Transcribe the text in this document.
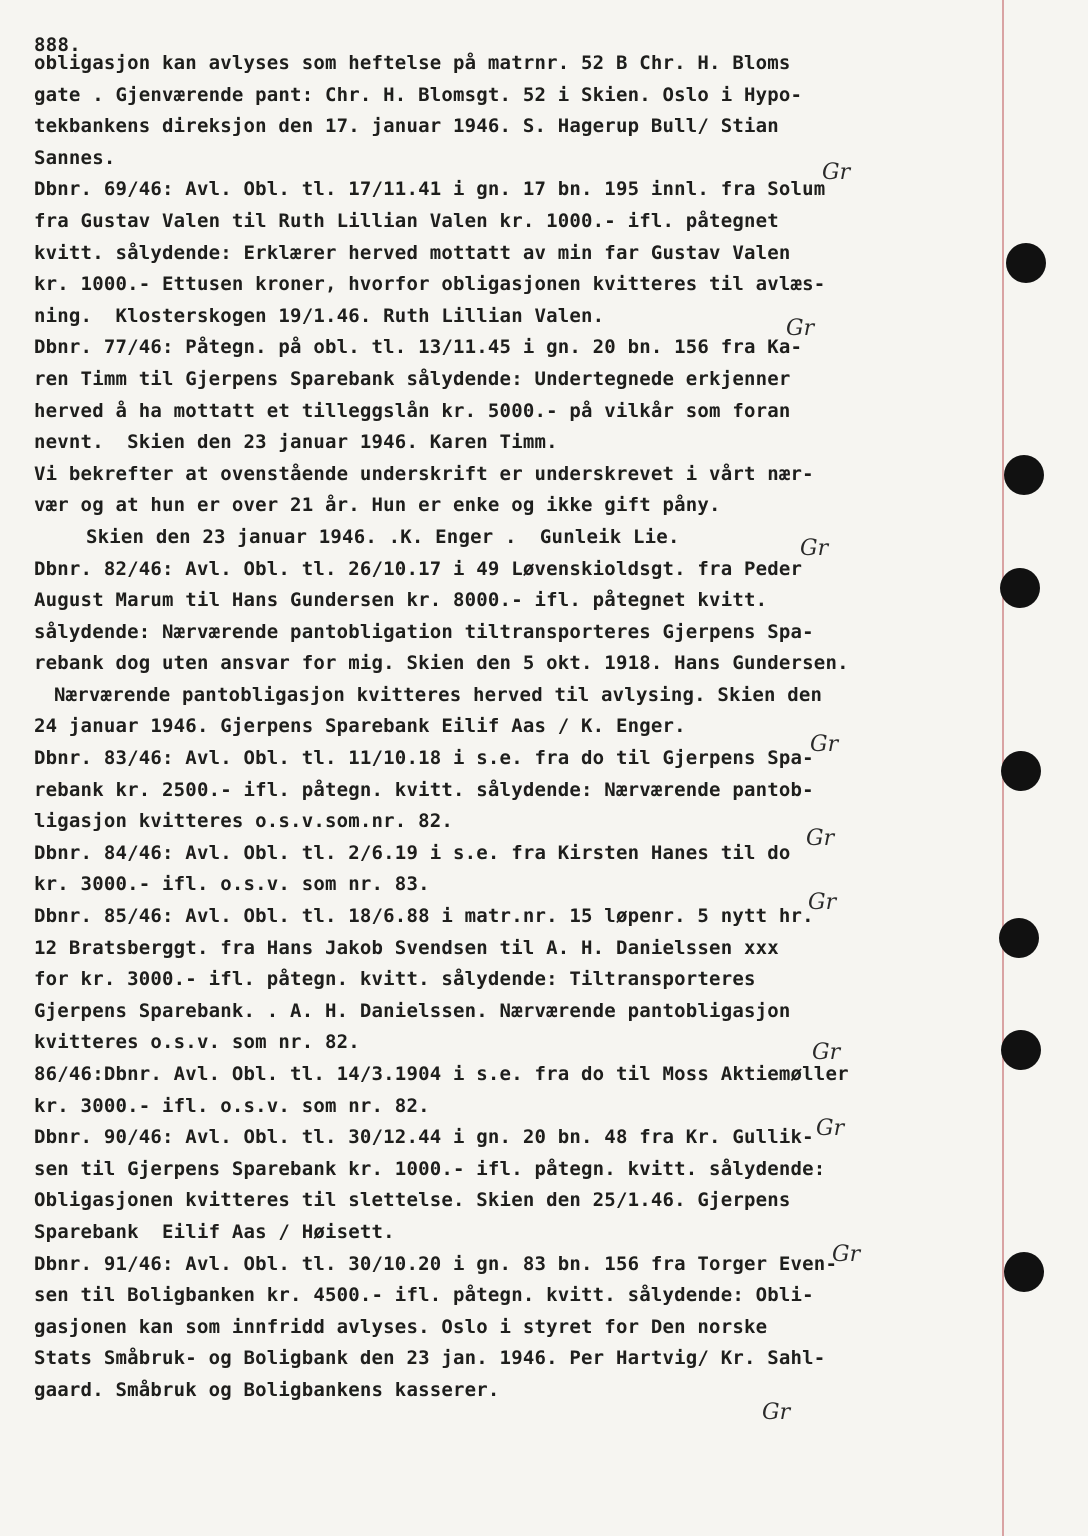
888.
obligasjon kan avlyses som heftelse på matrnr. 52 B Chr. H. Bloms
gate . Gjenværende pant: Chr. H. Blomsgt. 52 i Skien. Oslo i Hypo-
tekbankens direksjon den 17. januar 1946. S. Hagerup Bull/ Stian
Sannes.
Dbnr. 69/46: Avl. Obl. tl. 17/11.41 i gn. 17 bn. 195 innl. fra Solum
fra Gustav Valen til Ruth Lillian Valen kr. 1000.- ifl. påtegnet
kvitt. sålydende: Erklærer herved mottatt av min far Gustav Valen
kr. 1000.- Ettusen kroner, hvorfor obligasjonen kvitteres til avlæs-
ning.  Klosterskogen 19/1.46. Ruth Lillian Valen.
Dbnr. 77/46: Påtegn. på obl. tl. 13/11.45 i gn. 20 bn. 156 fra Ka-
ren Timm til Gjerpens Sparebank sålydende: Undertegnede erkjenner
herved å ha mottatt et tilleggslån kr. 5000.- på vilkår som foran
nevnt.  Skien den 23 januar 1946. Karen Timm.
Vi bekrefter at ovenstående underskrift er underskrevet i vårt nær-
vær og at hun er over 21 år. Hun er enke og ikke gift påny.
Skien den 23 januar 1946. .K. Enger .  Gunleik Lie.
Dbnr. 82/46: Avl. Obl. tl. 26/10.17 i 49 Løvenskioldsgt. fra Peder
August Marum til Hans Gundersen kr. 8000.- ifl. påtegnet kvitt.
sålydende: Nærværende pantobligation tiltransporteres Gjerpens Spa-
rebank dog uten ansvar for mig. Skien den 5 okt. 1918. Hans Gundersen.
Nærværende pantobligasjon kvitteres herved til avlysing. Skien den
24 januar 1946. Gjerpens Sparebank Eilif Aas / K. Enger.
Dbnr. 83/46: Avl. Obl. tl. 11/10.18 i s.e. fra do til Gjerpens Spa-
rebank kr. 2500.- ifl. påtegn. kvitt. sålydende: Nærværende pantob-
ligasjon kvitteres o.s.v.som.nr. 82.
Dbnr. 84/46: Avl. Obl. tl. 2/6.19 i s.e. fra Kirsten Hanes til do
kr. 3000.- ifl. o.s.v. som nr. 83.
Dbnr. 85/46: Avl. Obl. tl. 18/6.88 i matr.nr. 15 løpenr. 5 nytt hr.
12 Bratsberggt. fra Hans Jakob Svendsen til A. H. Danielssen xxx
for kr. 3000.- ifl. påtegn. kvitt. sålydende: Tiltransporteres
Gjerpens Sparebank. . A. H. Danielssen. Nærværende pantobligasjon
kvitteres o.s.v. som nr. 82.
86/46:Dbnr. Avl. Obl. tl. 14/3.1904 i s.e. fra do til Moss Aktiemøller
kr. 3000.- ifl. o.s.v. som nr. 82.
Dbnr. 90/46: Avl. Obl. tl. 30/12.44 i gn. 20 bn. 48 fra Kr. Gullik-
sen til Gjerpens Sparebank kr. 1000.- ifl. påtegn. kvitt. sålydende:
Obligasjonen kvitteres til slettelse. Skien den 25/1.46. Gjerpens
Sparebank  Eilif Aas / Høisett.
Dbnr. 91/46: Avl. Obl. tl. 30/10.20 i gn. 83 bn. 156 fra Torger Even-
sen til Boligbanken kr. 4500.- ifl. påtegn. kvitt. sålydende: Obli-
gasjonen kan som innfridd avlyses. Oslo i styret for Den norske
Stats Småbruk- og Boligbank den 23 jan. 1946. Per Hartvig/ Kr. Sahl-
gaard. Småbruk og Boligbankens kasserer.
Gr
Gr
Gr
Gr
Gr
Gr
Gr
Gr
Gr
Gr
